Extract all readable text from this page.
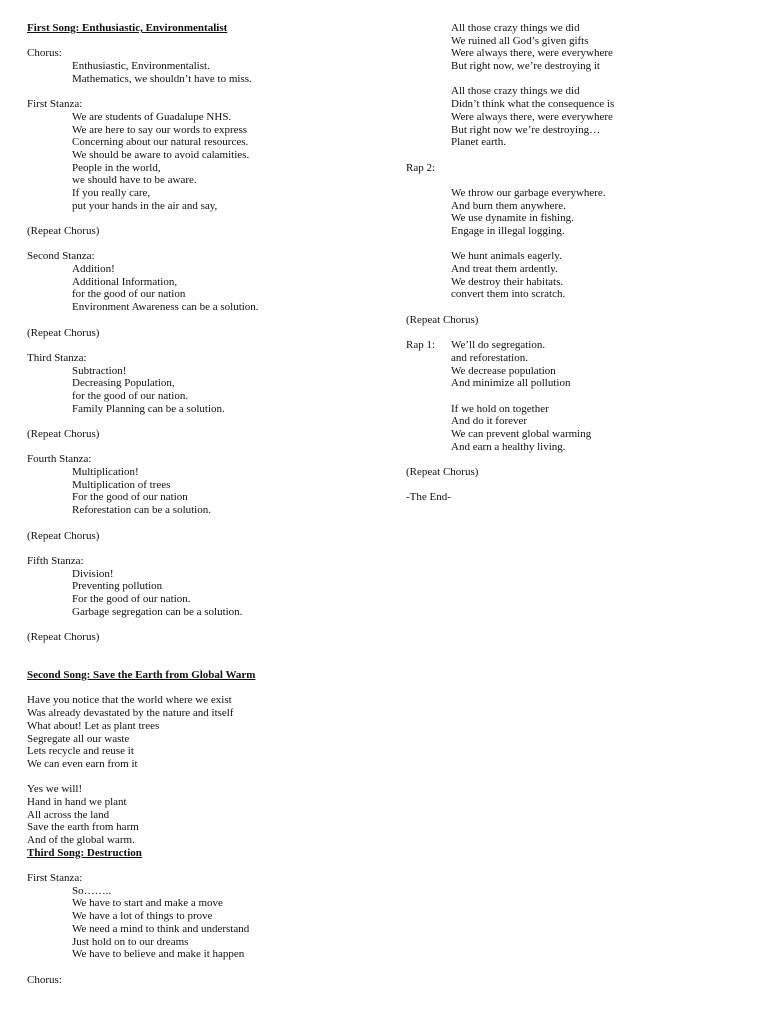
First Song: Enthusiastic, Environmentalist
Chorus:
Enthusiastic, Environmentalist.
Mathematics, we shouldn’t have to miss.
First Stanza:
We are students of Guadalupe NHS.
We are here to say our words to express
Concerning about our natural resources.
We should be aware to avoid calamities.
People in the world,
we should have to be aware.
If you really care,
put your hands in the air and say,
(Repeat Chorus)
Second Stanza:
Addition!
Additional Information,
for the good of our nation
Environment Awareness can be a solution.
(Repeat Chorus)
Third Stanza:
Subtraction!
Decreasing Population,
for the good of our nation.
Family Planning can be a solution.
(Repeat Chorus)
Fourth Stanza:
Multiplication!
Multiplication of trees
For the good of our nation
Reforestation can be a solution.
(Repeat Chorus)
Fifth Stanza:
Division!
Preventing pollution
For the good of our nation.
Garbage segregation can be a solution.
(Repeat Chorus)
Second Song: Save the Earth from Global Warm
Have you notice that the world where we exist
Was already devastated by the nature and itself
What about! Let as plant trees
Segregate all our waste
Lets recycle and reuse it
We can even earn from it
Yes we will!
Hand in hand we plant
All across the land
Save the earth from harm
And of the global warm.
Third Song: Destruction
First Stanza:
So……..
We have to start and make a move
We have a lot of things to prove
We need a mind to think and understand
Just hold on to our dreams
We have to believe and make it happen
Chorus:
All those crazy things we did
We ruined all God’s given gifts
Were always there, were everywhere
But right now, we’re destroying it
All those crazy things we did
Didn’t think what the consequence is
Were always there, were everywhere
But right now we’re destroying…
Planet earth.
Rap 2:
We throw our garbage everywhere.
And burn them anywhere.
We use dynamite in fishing.
Engage in illegal logging.
We hunt animals eagerly.
And treat them ardently.
We destroy their habitats.
convert them into scratch.
(Repeat Chorus)
Rap 1:	We’ll do segregation.
and reforestation.
We decrease population
And minimize all pollution
If we hold on together
And do it forever
We can prevent global warming
And earn a healthy living.
(Repeat Chorus)
-The End-
